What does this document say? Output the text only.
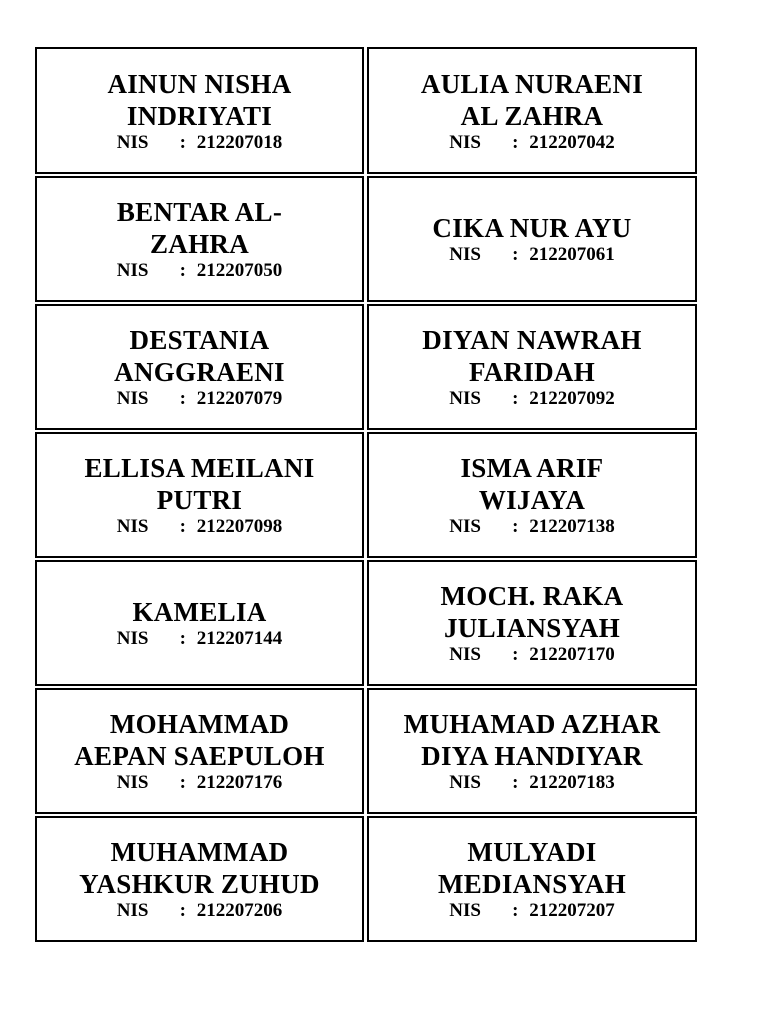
AINUN NISHA
INDRIYATI
NIS : 212207018
AULIA NURAENI
AL ZAHRA
NIS : 212207042
BENTAR AL-
ZAHRA
NIS : 212207050
CIKA NUR AYU
NIS : 212207061
DESTANIA
ANGGRAENI
NIS : 212207079
DIYAN NAWRAH
FARIDAH
NIS : 212207092
ELLISA MEILANI
PUTRI
NIS : 212207098
ISMA ARIF
WIJAYA
NIS : 212207138
KAMELIA
NIS : 212207144
MOCH. RAKA
JULIANSYAH
NIS : 212207170
MOHAMMAD
AEPAN SAEPULOH
NIS : 212207176
MUHAMAD AZHAR
DIYA HANDIYAR
NIS : 212207183
MUHAMMAD
YASHKUR ZUHUD
NIS : 212207206
MULYADI
MEDIANSYAH
NIS : 212207207
